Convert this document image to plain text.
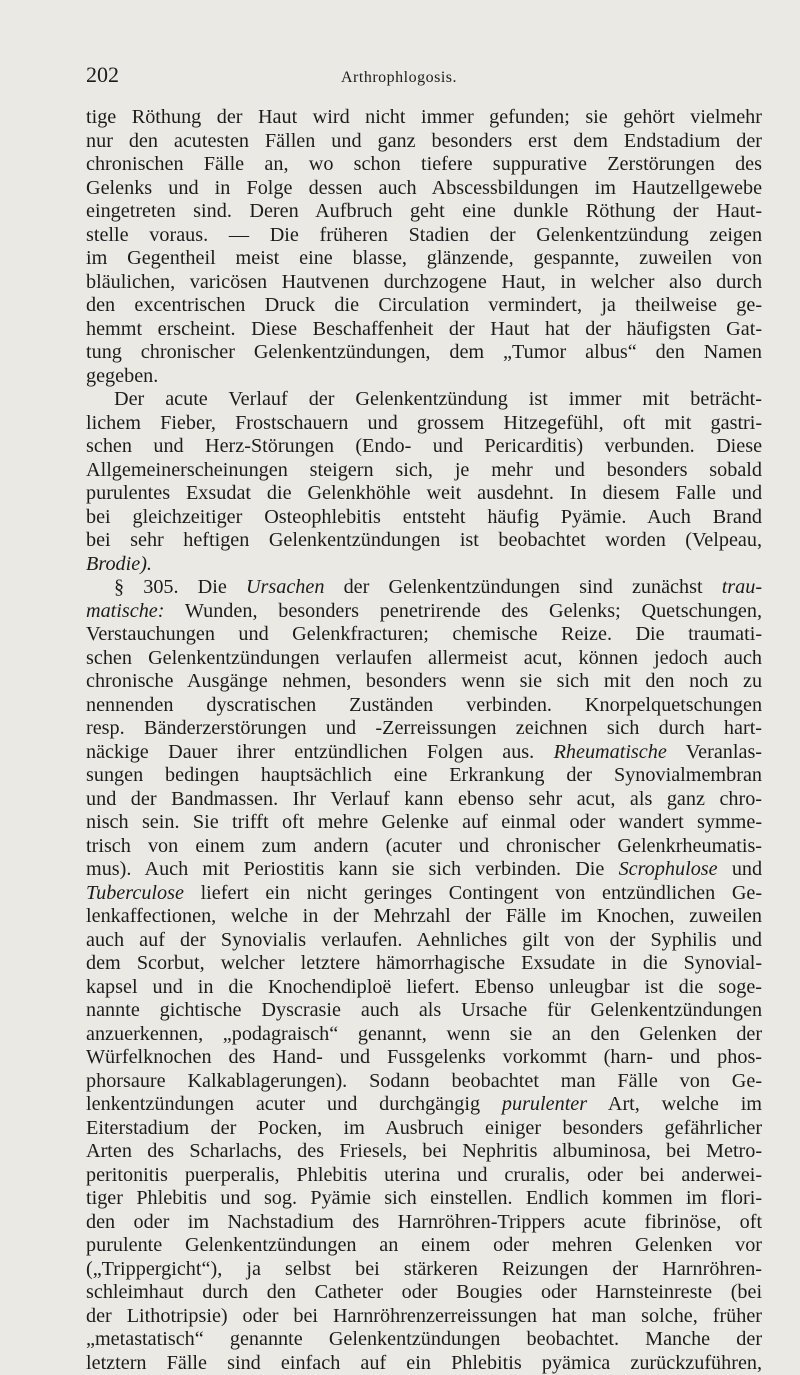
202	Arthrophlogosis.
tige Röthung der Haut wird nicht immer gefunden; sie gehört vielmehr
nur den acutesten Fällen und ganz besonders erst dem Endstadium der
chronischen Fälle an, wo schon tiefere suppurative Zerstörungen des
Gelenks und in Folge dessen auch Abscessbildungen im Hautzellgewebe
eingetreten sind. Deren Aufbruch geht eine dunkle Röthung der Haut-
stelle voraus. — Die früheren Stadien der Gelenkentzündung zeigen
im Gegentheil meist eine blasse, glänzende, gespannte, zuweilen von
bläulichen, varicösen Hautvenen durchzogene Haut, in welcher also durch
den excentrischen Druck die Circulation vermindert, ja theilweise ge-
hemmt erscheint. Diese Beschaffenheit der Haut hat der häufigsten Gat-
tung chronischer Gelenkentzündungen, dem „Tumor albus“ den Namen
gegeben.
Der acute Verlauf der Gelenkentzündung ist immer mit beträcht-
lichem Fieber, Frostschauern und grossem Hitzegefühl, oft mit gastri-
schen und Herz-Störungen (Endo- und Pericarditis) verbunden. Diese
Allgemeinerscheinungen steigern sich, je mehr und besonders sobald
purulentes Exsudat die Gelenkhöhle weit ausdehnt. In diesem Falle und
bei gleichzeitiger Osteophlebitis entsteht häufig Pyämie. Auch Brand
bei sehr heftigen Gelenkentzündungen ist beobachtet worden (Velpeau,
Brodie).
§ 305. Die Ursachen der Gelenkentzündungen sind zunächst trau-
matische: Wunden, besonders penetrirende des Gelenks; Quetschungen,
Verstauchungen und Gelenkfracturen; chemische Reize. Die traumati-
schen Gelenkentzündungen verlaufen allermeist acut, können jedoch auch
chronische Ausgänge nehmen, besonders wenn sie sich mit den noch zu
nennenden dyscratischen Zuständen verbinden. Knorpelquetschungen
resp. Bänderzerstörungen und -Zerreissungen zeichnen sich durch hart-
näckige Dauer ihrer entzündlichen Folgen aus. Rheumatische Veranlas-
sungen bedingen hauptsächlich eine Erkrankung der Synovialmembran
und der Bandmassen. Ihr Verlauf kann ebenso sehr acut, als ganz chro-
nisch sein. Sie trifft oft mehre Gelenke auf einmal oder wandert symme-
trisch von einem zum andern (acuter und chronischer Gelenkrheumatis-
mus). Auch mit Periostitis kann sie sich verbinden. Die Scrophulose und
Tuberculose liefert ein nicht geringes Contingent von entzündlichen Ge-
lenkaffectionen, welche in der Mehrzahl der Fälle im Knochen, zuweilen
auch auf der Synovialis verlaufen. Aehnliches gilt von der Syphilis und
dem Scorbut, welcher letztere hämorrhagische Exsudate in die Synovial-
kapsel und in die Knochendiploë liefert. Ebenso unleugbar ist die soge-
nannte gichtische Dyscrasie auch als Ursache für Gelenkentzündungen
anzuerkennen, „podagraisch“ genannt, wenn sie an den Gelenken der
Würfelknochen des Hand- und Fussgelenks vorkommt (harn- und phos-
phorsaure Kalkablagerungen). Sodann beobachtet man Fälle von Ge-
lenkentzündungen acuter und durchgängig purulenter Art, welche im
Eiterstadium der Pocken, im Ausbruch einiger besonders gefährlicher
Arten des Scharlachs, des Friesels, bei Nephritis albuminosa, bei Metro-
peritonitis puerperalis, Phlebitis uterina und cruralis, oder bei anderwei-
tiger Phlebitis und sog. Pyämie sich einstellen. Endlich kommen im flori-
den oder im Nachstadium des Harnröhren-Trippers acute fibrinöse, oft
purulente Gelenkentzündungen an einem oder mehren Gelenken vor
(„Trippergicht“), ja selbst bei stärkeren Reizungen der Harnröhren-
schleimhaut durch den Catheter oder Bougies oder Harnsteinreste (bei
der Lithotripsie) oder bei Harnröhrenzerreissungen hat man solche, früher
„metastatisch“ genannte Gelenkentzündungen beobachtet. Manche der
letztern Fälle sind einfach auf ein Phlebitis pyämica zurückzuführen,
